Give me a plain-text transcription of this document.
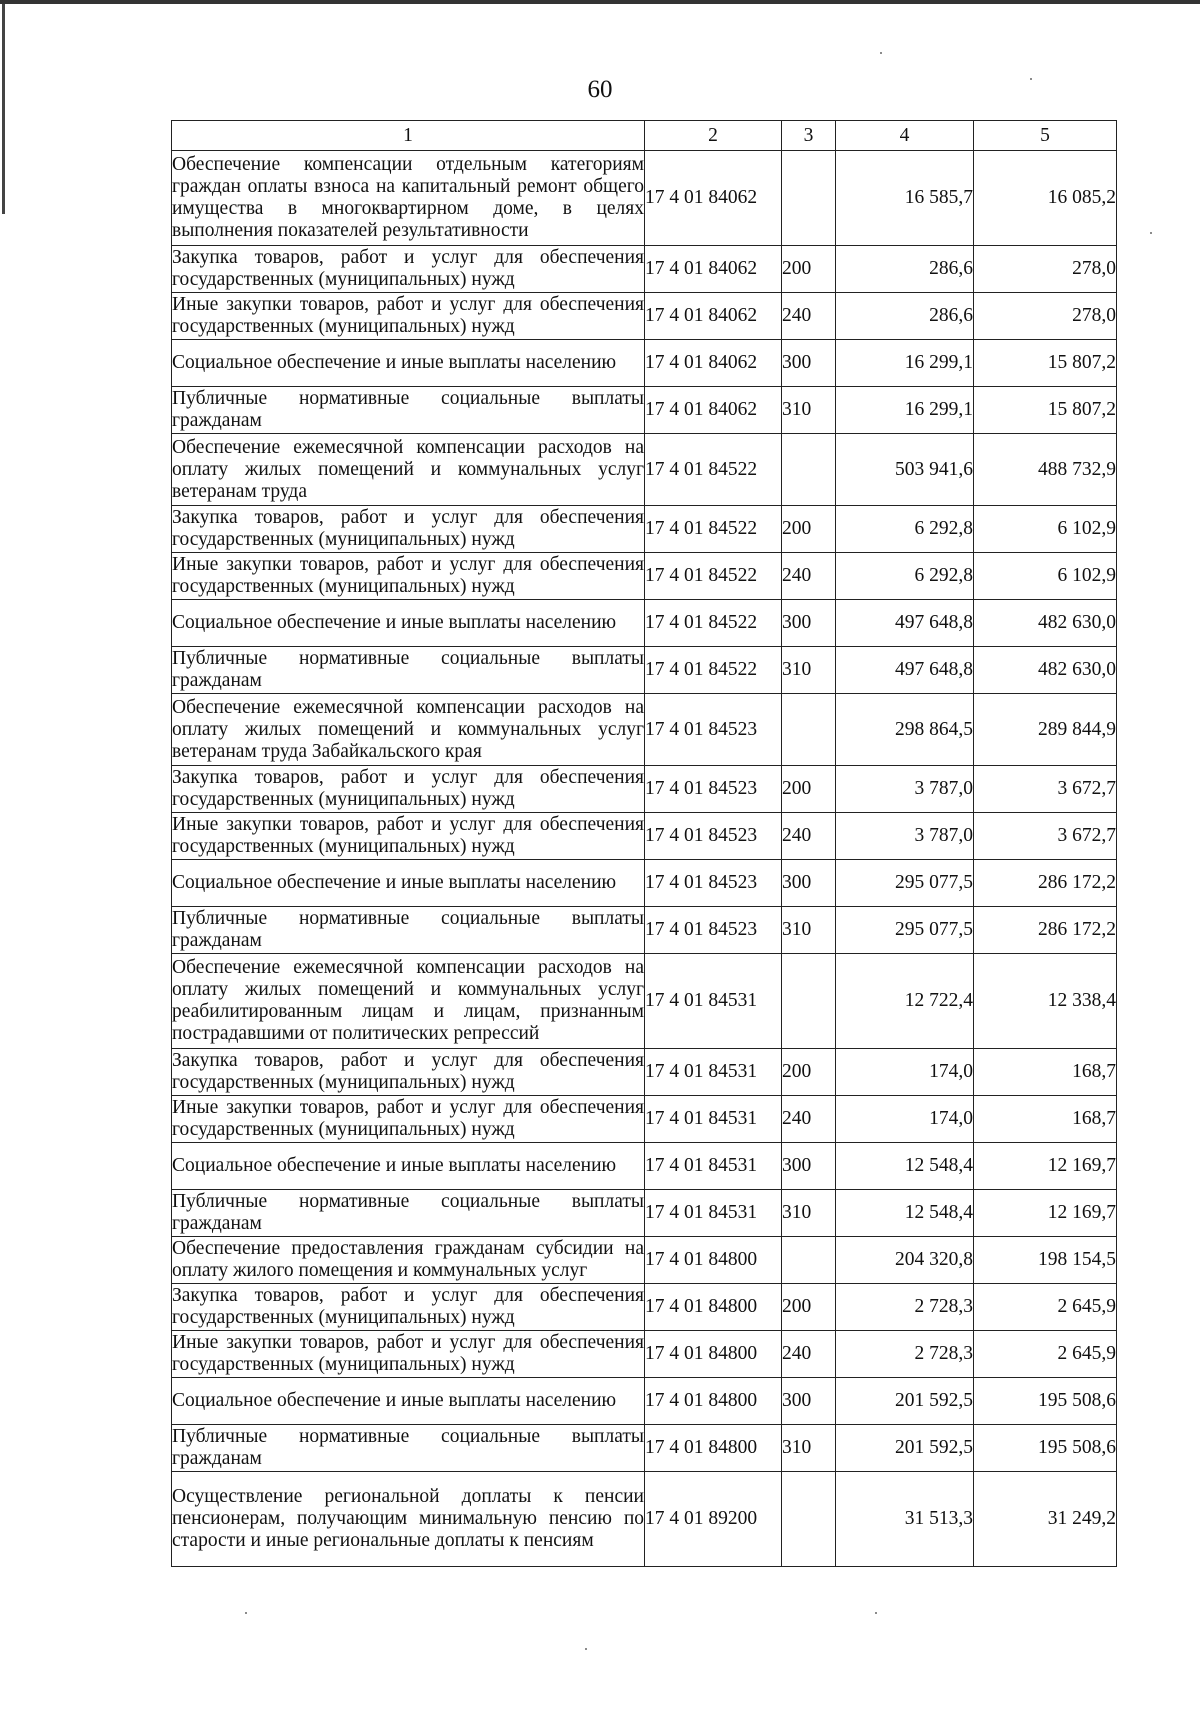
60
1	2	3	4	5
Обеспечение компенсации отдельным категориям граждан оплаты взноса на капитальный ремонт общего имущества в многоквартирном доме, в целях выполнения показателей результативности	17 4 01 84062		16 585,7	16 085,2
Закупка товаров, работ и услуг для обеспечения государственных (муниципальных) нужд	17 4 01 84062	200	286,6	278,0
Иные закупки товаров, работ и услуг для обеспечения государственных (муниципальных) нужд	17 4 01 84062	240	286,6	278,0
Социальное обеспечение и иные выплаты населению	17 4 01 84062	300	16 299,1	15 807,2
Публичные нормативные социальные выплаты гражданам	17 4 01 84062	310	16 299,1	15 807,2
Обеспечение ежемесячной компенсации расходов на оплату жилых помещений и коммунальных услуг ветеранам труда	17 4 01 84522		503 941,6	488 732,9
Закупка товаров, работ и услуг для обеспечения государственных (муниципальных) нужд	17 4 01 84522	200	6 292,8	6 102,9
Иные закупки товаров, работ и услуг для обеспечения государственных (муниципальных) нужд	17 4 01 84522	240	6 292,8	6 102,9
Социальное обеспечение и иные выплаты населению	17 4 01 84522	300	497 648,8	482 630,0
Публичные нормативные социальные выплаты гражданам	17 4 01 84522	310	497 648,8	482 630,0
Обеспечение ежемесячной компенсации расходов на оплату жилых помещений и коммунальных услуг ветеранам труда Забайкальского края	17 4 01 84523		298 864,5	289 844,9
Закупка товаров, работ и услуг для обеспечения государственных (муниципальных) нужд	17 4 01 84523	200	3 787,0	3 672,7
Иные закупки товаров, работ и услуг для обеспечения государственных (муниципальных) нужд	17 4 01 84523	240	3 787,0	3 672,7
Социальное обеспечение и иные выплаты населению	17 4 01 84523	300	295 077,5	286 172,2
Публичные нормативные социальные выплаты гражданам	17 4 01 84523	310	295 077,5	286 172,2
Обеспечение ежемесячной компенсации расходов на оплату жилых помещений и коммунальных услуг реабилитированным лицам и лицам, признанным пострадавшими от политических репрессий	17 4 01 84531		12 722,4	12 338,4
Закупка товаров, работ и услуг для обеспечения государственных (муниципальных) нужд	17 4 01 84531	200	174,0	168,7
Иные закупки товаров, работ и услуг для обеспечения государственных (муниципальных) нужд	17 4 01 84531	240	174,0	168,7
Социальное обеспечение и иные выплаты населению	17 4 01 84531	300	12 548,4	12 169,7
Публичные нормативные социальные выплаты гражданам	17 4 01 84531	310	12 548,4	12 169,7
Обеспечение предоставления гражданам субсидии на оплату жилого помещения и коммунальных услуг	17 4 01 84800		204 320,8	198 154,5
Закупка товаров, работ и услуг для обеспечения государственных (муниципальных) нужд	17 4 01 84800	200	2 728,3	2 645,9
Иные закупки товаров, работ и услуг для обеспечения государственных (муниципальных) нужд	17 4 01 84800	240	2 728,3	2 645,9
Социальное обеспечение и иные выплаты населению	17 4 01 84800	300	201 592,5	195 508,6
Публичные нормативные социальные выплаты гражданам	17 4 01 84800	310	201 592,5	195 508,6
Осуществление региональной доплаты к пенсии пенсионерам, получающим минимальную пенсию по старости и иные региональные доплаты к пенсиям	17 4 01 89200		31 513,3	31 249,2
